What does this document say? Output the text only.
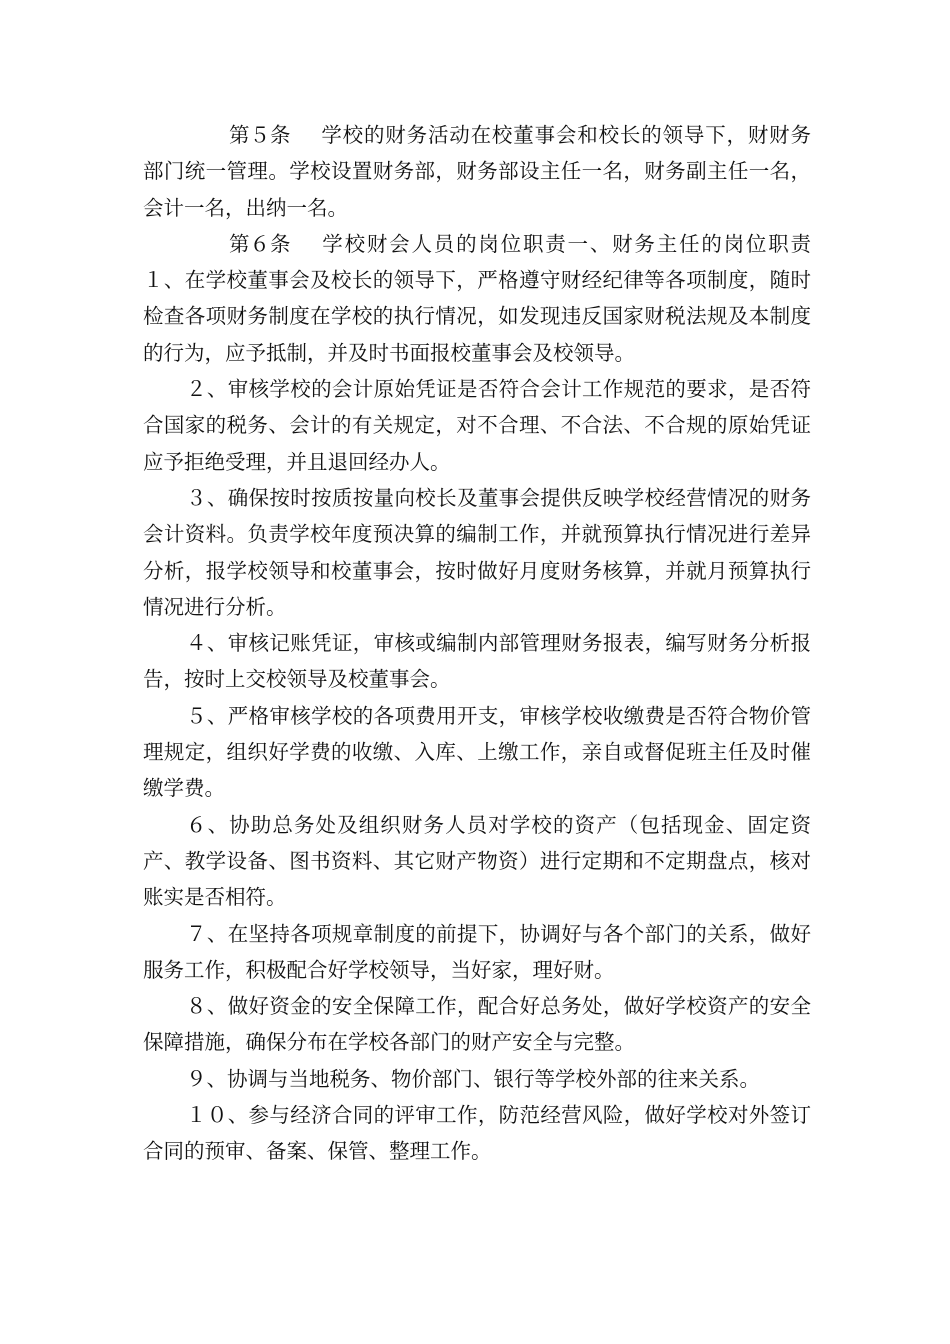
第５条 学校的财务活动在校董事会和校长的领导下，财财务部门统一管理。学校设置财务部，财务部设主任一名，财务副主任一名，会计一名，出纳一名。

第６条 学校财会人员的岗位职责一、财务主任的岗位职责１、在学校董事会及校长的领导下，严格遵守财经纪律等各项制度，随时检查各项财务制度在学校的执行情况，如发现违反国家财税法规及本制度的行为，应予抵制，并及时书面报校董事会及校领导。

２、审核学校的会计原始凭证是否符合会计工作规范的要求，是否符合国家的税务、会计的有关规定，对不合理、不合法、不合规的原始凭证应予拒绝受理，并且退回经办人。

３、确保按时按质按量向校长及董事会提供反映学校经营情况的财务会计资料。负责学校年度预决算的编制工作，并就预算执行情况进行差异分析，报学校领导和校董事会，按时做好月度财务核算，并就月预算执行情况进行分析。

４、审核记账凭证，审核或编制内部管理财务报表，编写财务分析报告，按时上交校领导及校董事会。

５、严格审核学校的各项费用开支，审核学校收缴费是否符合物价管理规定，组织好学费的收缴、入库、上缴工作，亲自或督促班主任及时催缴学费。

６、协助总务处及组织财务人员对学校的资产（包括现金、固定资产、教学设备、图书资料、其它财产物资）进行定期和不定期盘点，核对账实是否相符。

７、在坚持各项规章制度的前提下，协调好与各个部门的关系，做好服务工作，积极配合好学校领导，当好家，理好财。

８、做好资金的安全保障工作，配合好总务处，做好学校资产的安全保障措施，确保分布在学校各部门的财产安全与完整。

９、协调与当地税务、物价部门、银行等学校外部的往来关系。

１０、参与经济合同的评审工作，防范经营风险，做好学校对外签订合同的预审、备案、保管、整理工作。
